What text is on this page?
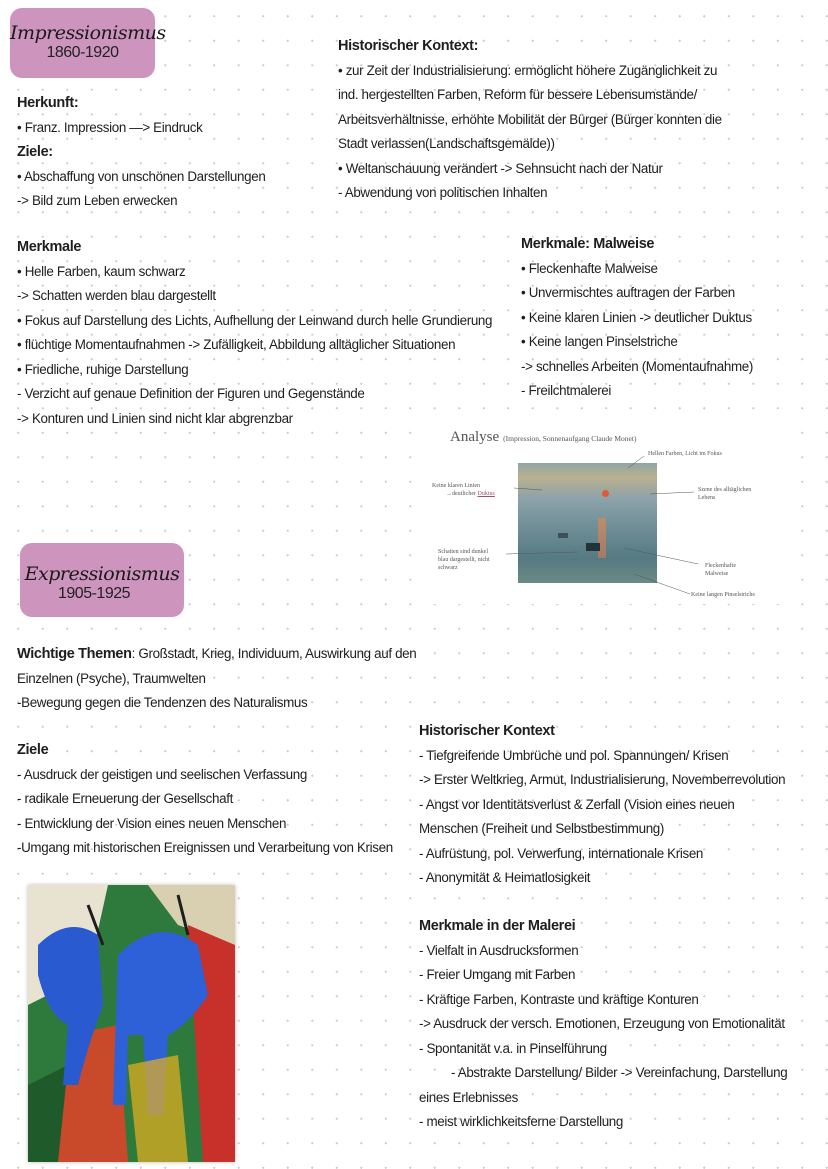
Impressionismus
1860-1920
Herkunft:
• Franz. Impression —> Eindruck
Ziele:
• Abschaffung von unschönen Darstellungen
-> Bild zum Leben erwecken
Historischer Kontext:
• zur Zeit der Industrialisierung: ermöglicht höhere Zugänglichkeit zu
ind. hergestellten Farben, Reform für bessere Lebensumstände/
Arbeitsverhältnisse, erhöhte Mobilität der Bürger (Bürger konnten die
Stadt verlassen(Landschaftsgemälde))
• Weltanschauung verändert -> Sehnsucht nach der Natur
- Abwendung von politischen Inhalten
Merkmale
• Helle Farben, kaum schwarz
-> Schatten werden blau dargestellt
• Fokus auf Darstellung des Lichts, Aufhellung der Leinwand durch helle Grundierung
• flüchtige Momentaufnahmen -> Zufälligkeit, Abbildung alltäglicher Situationen
• Friedliche, ruhige Darstellung
- Verzicht auf genaue Definition der Figuren und Gegenstände
-> Konturen und Linien sind nicht klar abgrenzbar
Merkmale: Malweise
• Fleckenhafte Malweise
• Unvermischtes auftragen der Farben
• Keine klaren Linien -> deutlicher Duktus
• Keine langen Pinselstriche
-> schnelles Arbeiten (Momentaufnahme)
- Freilchtmalerei
Analyse (Impression, Sonnenaufgang Claude Monet)
Hellen Farben, Licht im Fokus
Keine klaren Linien
→deutlicher Duktus
Szene des alltäglichen
Lebens
Schatten sind dunkel
blau dargestellt, nicht
schwarz	Fleckenhafte
Malweise
Keine langen Pinselstriche
Expressionismus
1905-1925
Wichtige Themen: Großstadt, Krieg, Individuum, Auswirkung auf den
Einzelnen (Psyche), Traumwelten
-Bewegung gegen die Tendenzen des Naturalismus
Ziele
- Ausdruck der geistigen und seelischen Verfassung
- radikale Erneuerung der Gesellschaft
- Entwicklung der Vision eines neuen Menschen
-Umgang mit historischen Ereignissen und Verarbeitung von Krisen
Historischer Kontext
- Tiefgreifende Umbrüche und pol. Spannungen/ Krisen
-> Erster Weltkrieg, Armut, Industrialisierung, Novemberrevolution
- Angst vor Identitätsverlust & Zerfall (Vision eines neuen
Menschen (Freiheit und Selbstbestimmung)
- Aufrüstung, pol. Verwerfung, internationale Krisen
- Anonymität & Heimatlosigkeit
Merkmale in der Malerei
- Vielfalt in Ausdrucksformen
- Freier Umgang mit Farben
- Kräftige Farben, Kontraste und kräftige Konturen
-> Ausdruck der versch. Emotionen, Erzeugung von Emotionalität
- Spontanität v.a. in Pinselführung
- Abstrakte Darstellung/ Bilder -> Vereinfachung, Darstellung
eines Erlebnisses
- meist wirklichkeitsferne Darstellung
